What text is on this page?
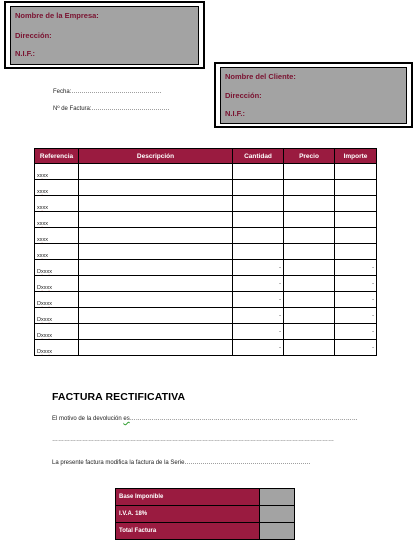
Nombre de la Empresa:
Dirección:
N.I.F.:
Nombre del Cliente:
Dirección:
N.I.F.:
Fecha:………………………………………
Nº de Factura:…………………………………
Referencia	Descripción	Cantidad	Precio	Importe
xxxx				
xxxx				
xxxx				
xxxx				
xxxx				
xxxx				
Dxxxx		-		-
Dxxxx		-		-
Dxxxx		-		-
Dxxxx		-		-
Dxxxx		-		-
Dxxxx		-		-
FACTURA RECTIFICATIVA
El motivo de la devolución es……………………………………………………………………………………………………
……………………………………………………………………………………………………………………………
La presente factura modifica la factura de la Serie………………………………………………………
Base Imponible	
I.V.A. 18%	
Total Factura	
